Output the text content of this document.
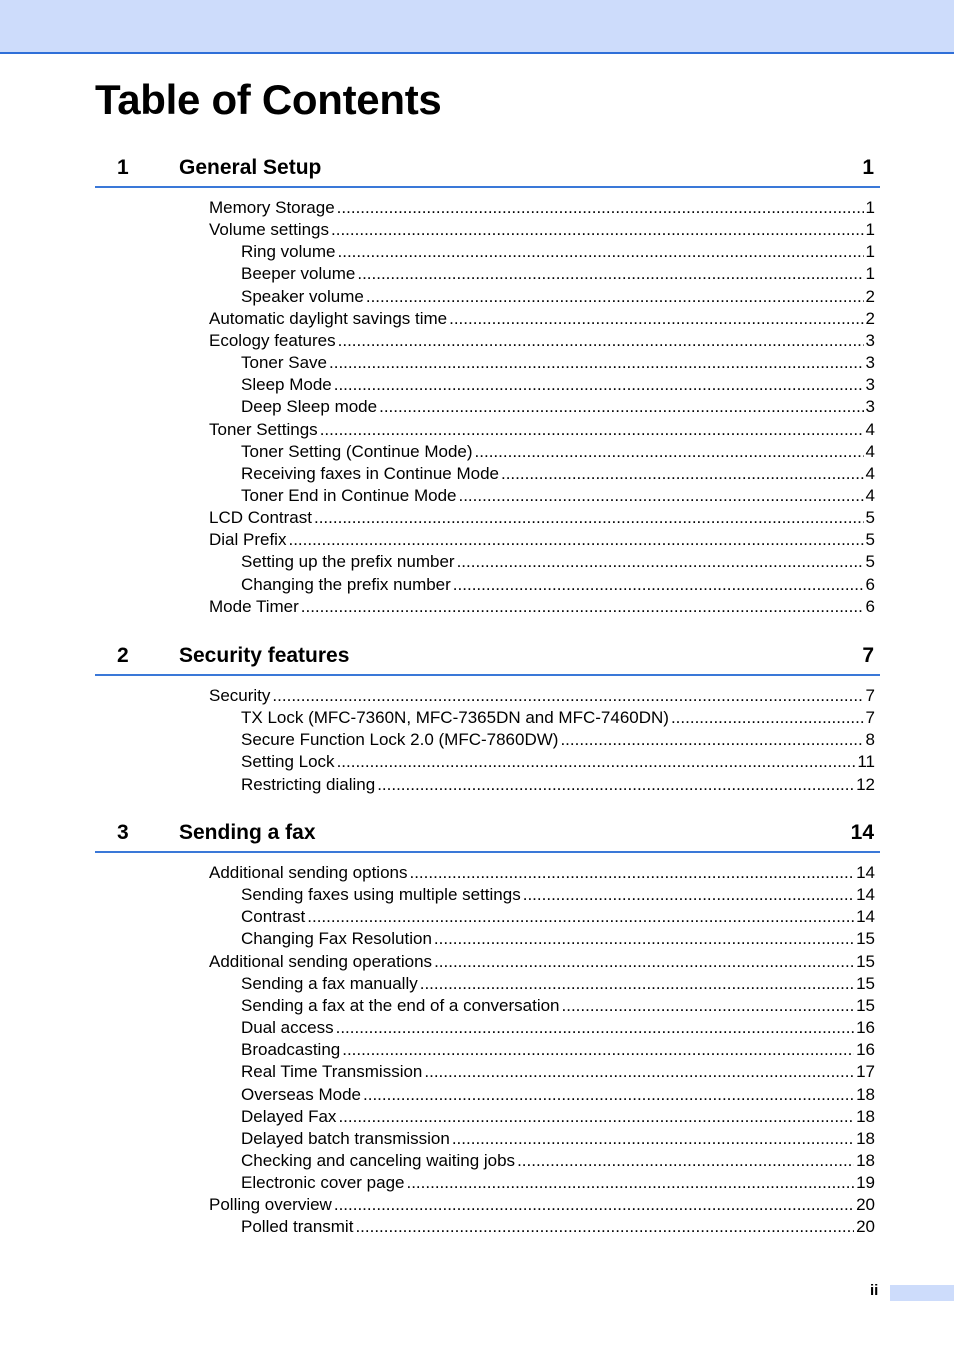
Table of Contents
1 General Setup	1
Memory Storage .....	1
Volume settings .....	1
Ring volume .....	1
Beeper volume .....	1
Speaker volume .....	2
Automatic daylight savings time .....	2
Ecology features .....	3
Toner Save .....	3
Sleep Mode .....	3
Deep Sleep mode .....	3
Toner Settings .....	4
Toner Setting (Continue Mode) .....	4
Receiving faxes in Continue Mode .....	4
Toner End in Continue Mode .....	4
LCD Contrast .....	5
Dial Prefix .....	5
Setting up the prefix number .....	5
Changing the prefix number .....	6
Mode Timer .....	6
2 Security features	7
Security .....	7
TX Lock (MFC-7360N, MFC-7365DN and MFC-7460DN) .....	7
Secure Function Lock 2.0 (MFC-7860DW) .....	8
Setting Lock .....	11
Restricting dialing .....	12
3 Sending a fax	14
Additional sending options .....	14
Sending faxes using multiple settings .....	14
Contrast .....	14
Changing Fax Resolution .....	15
Additional sending operations .....	15
Sending a fax manually .....	15
Sending a fax at the end of a conversation .....	15
Dual access .....	16
Broadcasting .....	16
Real Time Transmission .....	17
Overseas Mode .....	18
Delayed Fax .....	18
Delayed batch transmission .....	18
Checking and canceling waiting jobs .....	18
Electronic cover page .....	19
Polling overview .....	20
Polled transmit .....	20
ii
